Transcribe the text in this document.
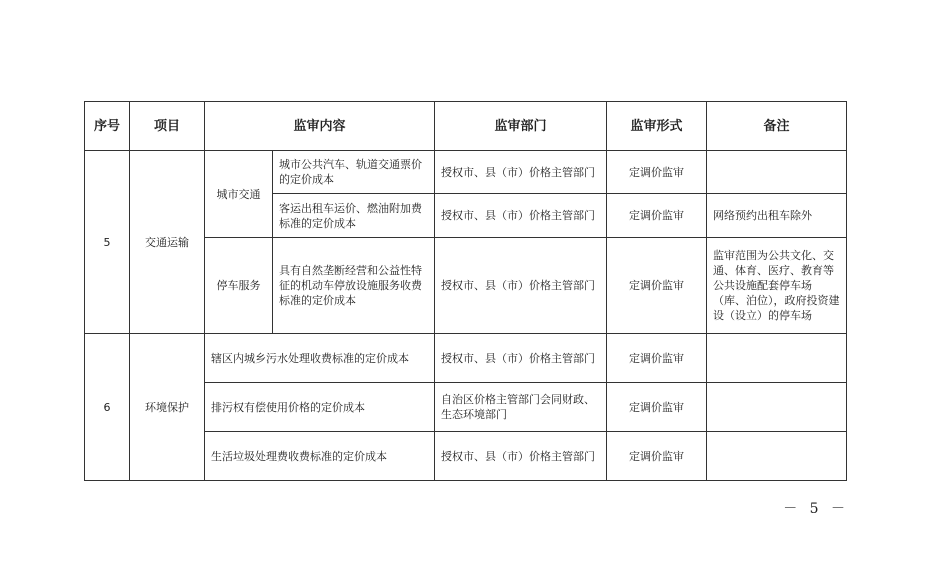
序号	项目	监审内容		监审部门	监审形式	备注
5	交通运输	城市交通	城市公共汽车、轨道交通票价的定价成本	授权市、县（市）价格主管部门	定调价监审	
			客运出租车运价、燃油附加费标准的定价成本	授权市、县（市）价格主管部门	定调价监审	网络预约出租车除外
		停车服务	具有自然垄断经营和公益性特征的机动车停放设施服务收费标准的定价成本	授权市、县（市）价格主管部门	定调价监审	监审范围为公共文化、交通、体育、医疗、教育等公共设施配套停车场（库、泊位），政府投资建设（设立）的停车场
6	环境保护	辖区内城乡污水处理收费标准的定价成本		授权市、县（市）价格主管部门	定调价监审	
		排污权有偿使用价格的定价成本		自治区价格主管部门会同财政、生态环境部门	定调价监审	
		生活垃圾处理费收费标准的定价成本		授权市、县（市）价格主管部门	定调价监审	
－ 5 －
